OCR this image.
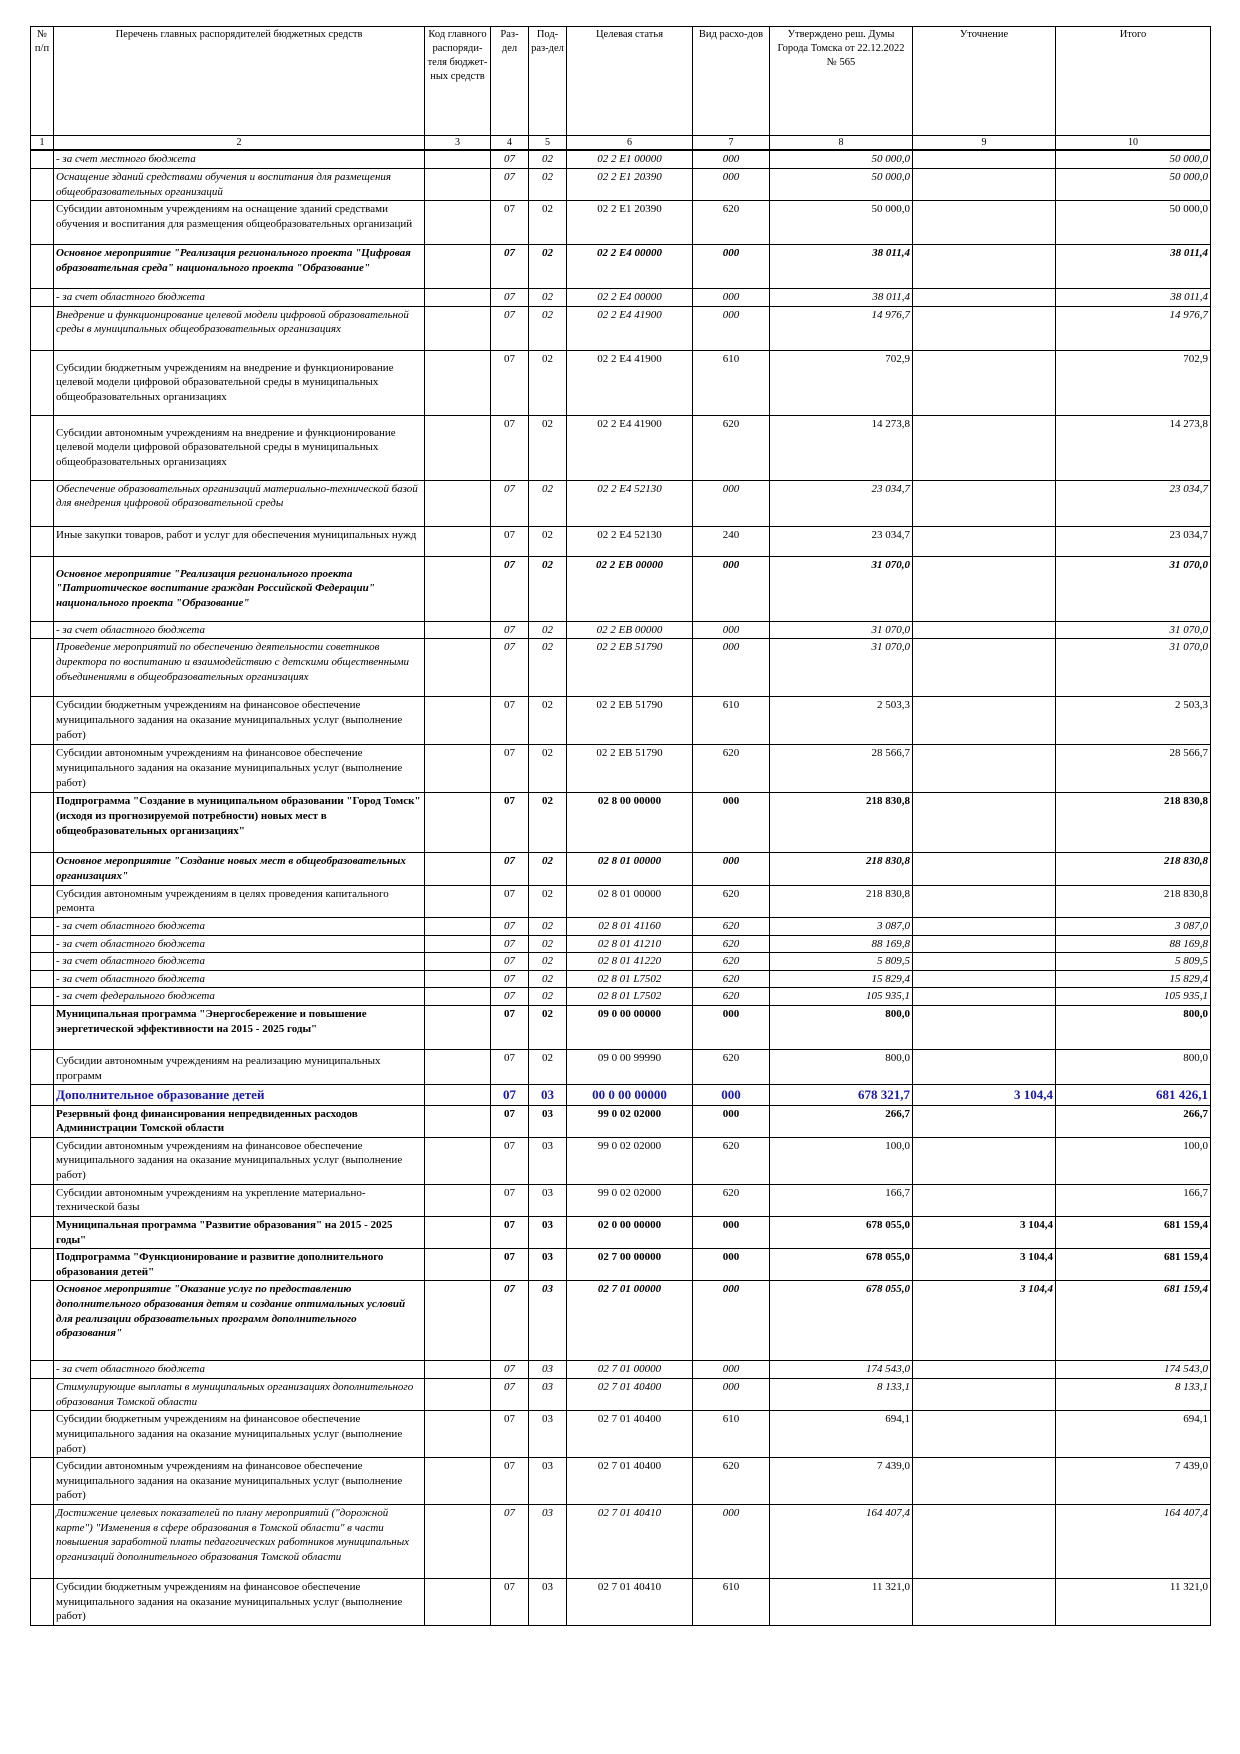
№ п/п	Перечень главных распорядителей бюджетных средств	Код главного распоряди-теля бюджет-ных средств	Раз-дел	Под-раз-дел	Целевая статья	Вид расхо-дов	Утверждено реш. Думы Города Томска от 22.12.2022 № 565	Уточнение	Итого
1	2	3	4	5	6	7	8	9	10
	- за счет местного бюджета		07	02	02 2 E1 00000	000	50 000,0		50 000,0
	Оснащение зданий средствами обучения и воспитания для размещения общеобразовательных организаций		07	02	02 2 E1 20390	000	50 000,0		50 000,0
	Субсидии автономным учреждениям на оснащение зданий средствами обучения и воспитания для размещения общеобразовательных организаций		07	02	02 2 E1 20390	620	50 000,0		50 000,0
	Основное мероприятие "Реализация регионального проекта "Цифровая образовательная среда" национального проекта "Образование"		07	02	02 2 E4 00000	000	38 011,4		38 011,4
	- за счет областного бюджета		07	02	02 2 E4 00000	000	38 011,4		38 011,4
	Внедрение и функционирование целевой модели цифровой образовательной среды в муниципальных общеобразовательных организациях		07	02	02 2 E4 41900	000	14 976,7		14 976,7
	Субсидии бюджетным учреждениям на внедрение и функционирование целевой модели цифровой образовательной среды в муниципальных общеобразовательных организациях		07	02	02 2 E4 41900	610	702,9		702,9
	Субсидии автономным учреждениям на внедрение и функционирование целевой модели цифровой образовательной среды в муниципальных общеобразовательных организациях		07	02	02 2 E4 41900	620	14 273,8		14 273,8
	Обеспечение образовательных организаций материально-технической базой для внедрения цифровой образовательной среды		07	02	02 2 E4 52130	000	23 034,7		23 034,7
	Иные закупки товаров, работ и услуг для обеспечения муниципальных нужд		07	02	02 2 E4 52130	240	23 034,7		23 034,7
	Основное мероприятие "Реализация регионального проекта "Патриотическое воспитание граждан Российской Федерации" национального проекта "Образование"		07	02	02 2 EB 00000	000	31 070,0		31 070,0
	- за счет областного бюджета		07	02	02 2 EB 00000	000	31 070,0		31 070,0
	Проведение мероприятий по обеспечению деятельности советников директора по воспитанию и взаимодействию с детскими общественными объединениями в общеобразовательных организациях		07	02	02 2 EB 51790	000	31 070,0		31 070,0
	Субсидии бюджетным учреждениям на финансовое обеспечение муниципального задания на оказание муниципальных услуг (выполнение работ)		07	02	02 2 EB 51790	610	2 503,3		2 503,3
	Субсидии автономным учреждениям на финансовое обеспечение муниципального задания на оказание муниципальных услуг (выполнение работ)		07	02	02 2 EB 51790	620	28 566,7		28 566,7
	Подпрограмма "Создание в муниципальном образовании "Город Томск" (исходя из прогнозируемой потребности) новых мест в общеобразовательных организациях"		07	02	02 8 00 00000	000	218 830,8		218 830,8
	Основное мероприятие "Создание новых мест в общеобразовательных организациях"		07	02	02 8 01 00000	000	218 830,8		218 830,8
	Субсидия автономным учреждениям в целях проведения капитального ремонта		07	02	02 8 01 00000	620	218 830,8		218 830,8
	- за счет областного бюджета		07	02	02 8 01 41160	620	3 087,0		3 087,0
	- за счет областного бюджета		07	02	02 8 01 41210	620	88 169,8		88 169,8
	- за счет областного бюджета		07	02	02 8 01 41220	620	5 809,5		5 809,5
	- за счет областного бюджета		07	02	02 8 01 L7502	620	15 829,4		15 829,4
	- за счет федерального бюджета		07	02	02 8 01 L7502	620	105 935,1		105 935,1
	Муниципальная программа "Энергосбережение и повышение энергетической эффективности на 2015 - 2025 годы"		07	02	09 0 00 00000	000	800,0		800,0
	Субсидии автономным учреждениям на реализацию муниципальных программ		07	02	09 0 00 99990	620	800,0		800,0
	Дополнительное образование детей		07	03	00 0 00 00000	000	678 321,7	3 104,4	681 426,1
	Резервный фонд финансирования непредвиденных расходов Администрации Томской области		07	03	99 0 02 02000	000	266,7		266,7
	Субсидии автономным учреждениям на финансовое обеспечение муниципального задания на оказание муниципальных услуг (выполнение работ)		07	03	99 0 02 02000	620	100,0		100,0
	Субсидии автономным учреждениям на укрепление материально-технической базы		07	03	99 0 02 02000	620	166,7		166,7
	Муниципальная программа "Развитие образования" на 2015 - 2025 годы"		07	03	02 0 00 00000	000	678 055,0	3 104,4	681 159,4
	Подпрограмма "Функционирование и развитие дополнительного образования детей"		07	03	02 7 00 00000	000	678 055,0	3 104,4	681 159,4
	Основное мероприятие "Оказание услуг по предоставлению дополнительного образования детям и создание оптимальных условий для реализации образовательных программ дополнительного образования"		07	03	02 7 01 00000	000	678 055,0	3 104,4	681 159,4
	- за счет областного бюджета		07	03	02 7 01 00000	000	174 543,0		174 543,0
	Стимулирующие выплаты в муниципальных организациях дополнительного образования Томской области		07	03	02 7 01 40400	000	8 133,1		8 133,1
	Субсидии бюджетным учреждениям на финансовое обеспечение муниципального задания на оказание муниципальных услуг (выполнение работ)		07	03	02 7 01 40400	610	694,1		694,1
	Субсидии автономным учреждениям на финансовое обеспечение муниципального задания на оказание муниципальных услуг (выполнение работ)		07	03	02 7 01 40400	620	7 439,0		7 439,0
	Достижение целевых показателей по плану мероприятий ("дорожной карте") "Изменения в сфере образования в Томской области" в части повышения заработной платы педагогических работников муниципальных организаций дополнительного образования Томской области		07	03	02 7 01 40410	000	164 407,4		164 407,4
	Субсидии бюджетным учреждениям на финансовое обеспечение муниципального задания на оказание муниципальных услуг (выполнение работ)		07	03	02 7 01 40410	610	11 321,0		11 321,0
